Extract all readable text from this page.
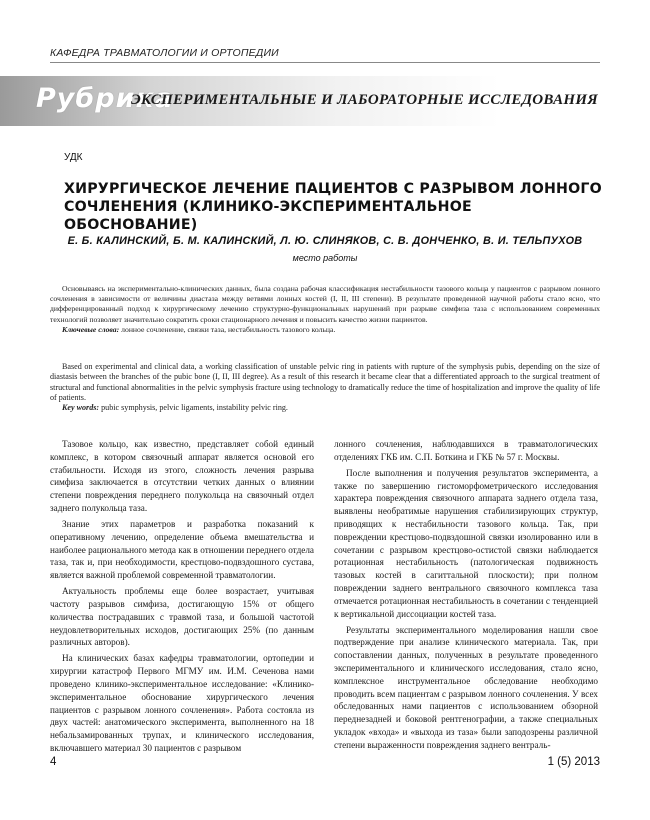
КАФЕДРА ТРАВМАТОЛОГИИ И ОРТОПЕДИИ
Рубрика
ЭКСПЕРИМЕНТАЛЬНЫЕ И ЛАБОРАТОРНЫЕ ИССЛЕДОВАНИЯ
УДК
ХИРУРГИЧЕСКОЕ ЛЕЧЕНИЕ ПАЦИЕНТОВ С РАЗРЫВОМ ЛОННОГО СОЧЛЕНЕНИЯ (КЛИНИКО-ЭКСПЕРИМЕНТАЛЬНОЕ ОБОСНОВАНИЕ)
Е. Б. КАЛИНСКИЙ, Б. М. КАЛИНСКИЙ, Л. Ю. СЛИНЯКОВ, С. В. ДОНЧЕНКО, В. И. ТЕЛЬПУХОВ
место работы

Основываясь на экспериментально-клинических данных, была создана рабочая классификация нестабильности тазового кольца у пациентов с разрывом лонного сочленения в зависимости от величины диастаза между ветвями лонных костей (I, II, III степени). В результате проведенной научной работы стало ясно, что дифференцированный подход к хирургическому лечению структурно-функциональных нарушений при разрыве симфиза таза с использованием современных технологий позволяет значительно сократить сроки стационарного лечения и повысить качество жизни пациентов.

Ключевые слова: лонное сочленение, связки таза, нестабильность тазового кольца.

Based on experimental and clinical data, a working classification of unstable pelvic ring in patients with rupture of the symphysis pubis, depending on the size of diastasis between the branches of the pubic bone (I, II, III degree). As a result of this research it became clear that a differentiated approach to the surgical treatment of structural and functional abnormalities in the pelvic symphysis fracture using technology to dramatically reduce the time of hospitalization and improve the quality of life of patients.

Key words: pubic symphysis, pelvic ligaments, instability pelvic ring.

Тазовое кольцо, как известно, представляет собой единый комплекс, в котором связочный аппарат является основой его стабильности. Исходя из этого, сложность лечения разрыва симфиза заключается в отсутствии четких данных о влиянии степени повреждения переднего полукольца на связочный отдел заднего полукольца таза.

Знание этих параметров и разработка показаний к оперативному лечению, определение объема вмешательства и наиболее рационального метода как в отношении переднего отдела таза, так и, при необходимости, крестцово-подвздошного сустава, является важной проблемой современной травматологии.

Актуальность проблемы еще более возрастает, учитывая частоту разрывов симфиза, достигающую 15% от общего количества пострадавших с травмой таза, и большой частотой неудовлетворительных исходов, достигающих 25% (по данным различных авторов).

На клинических базах кафедры травматологии, ортопедии и хирургии катастроф Первого МГМУ им. И.М. Сеченова нами проведено клинико-экспериментальное исследование: «Клинико-экспериментальное обоснование хирургического лечения пациентов с разрывом лонного сочленения». Работа состояла из двух частей: анатомического эксперимента, выполненного на 18 небальзамированных трупах, и клинического исследования, включавшего материал 30 пациентов с разрывом

лонного сочленения, наблюдавшихся в травматологических отделениях ГКБ им. С.П. Боткина и ГКБ № 57 г. Москвы.

После выполнения и получения результатов эксперимента, а также по завершению гистоморфометрического исследования характера повреждения связочного аппарата заднего отдела таза, выявлены необратимые нарушения стабилизирующих структур, приводящих к нестабильности тазового кольца. Так, при повреждении крестцово-подвздошной связки изолированно или в сочетании с разрывом крестцово-остистой связки наблюдается ротационная нестабильность (патологическая подвижность тазовых костей в сагиттальной плоскости); при полном повреждении заднего вентрального связочного комплекса таза отмечается ротационная нестабильность в сочетании с тенденцией к вертикальной диссоциации костей таза.

Результаты экспериментального моделирования нашли свое подтверждение при анализе клинического материала. Так, при сопоставлении данных, полученных в результате проведенного экспериментального и клинического исследования, стало ясно, комплексное инструментальное обследование необходимо проводить всем пациентам с разрывом лонного сочленения. У всех обследованных нами пациентов с использованием обзорной переднезадней и боковой рентгенографии, а также специальных укладок «входа» и «выхода из таза» были заподозрены различной степени выраженности повреждения заднего вентраль-

4	1 (5) 2013
